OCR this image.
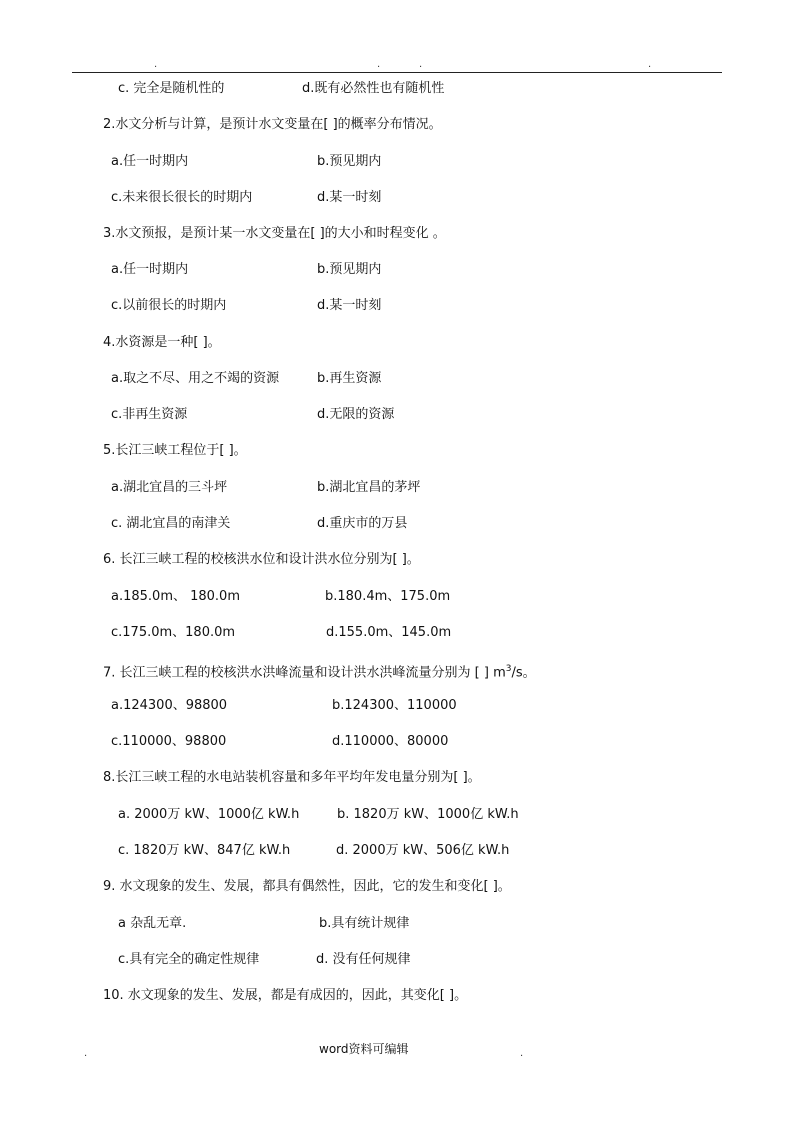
.	.	.	.
c. 完全是随机性的	d.既有必然性也有随机性
2.水文分析与计算，是预计水文变量在[ ]的概率分布情况。
a.任一时期内	b.预见期内
c.未来很长很长的时期内	d.某一时刻
3.水文预报，是预计某一水文变量在[ ]的大小和时程变化 。
a.任一时期内	b.预见期内
c.以前很长的时期内	d.某一时刻
4.水资源是一种[ ]。
a.取之不尽、用之不竭的资源	b.再生资源
c.非再生资源	d.无限的资源
5.长江三峡工程位于[ ]。
a.湖北宜昌的三斗坪	b.湖北宜昌的茅坪
c. 湖北宜昌的南津关	d.重庆市的万县
6. 长江三峡工程的校核洪水位和设计洪水位分别为[ ]。
a.185.0m、 180.0m	b.180.4m、175.0m
c.175.0m、180.0m	d.155.0m、145.0m
7. 长江三峡工程的校核洪水洪峰流量和设计洪水洪峰流量分别为 [ ] $m^3/s$。
a.124300、98800	b.124300、110000
c.110000、98800	d.110000、80000
8.长江三峡工程的水电站装机容量和多年平均年发电量分别为[ ]。
a. 2000万 kW、1000亿 kW.h	b. 1820万 kW、1000亿 kW.h
c. 1820万 kW、847亿 kW.h	d. 2000万 kW、506亿 kW.h
9. 水文现象的发生、发展，都具有偶然性，因此，它的发生和变化[ ]。
a 杂乱无章.	b.具有统计规律
c.具有完全的确定性规律	d. 没有任何规律
10. 水文现象的发生、发展，都是有成因的，因此，其变化[ ]。
.	word资料可编辑	.
